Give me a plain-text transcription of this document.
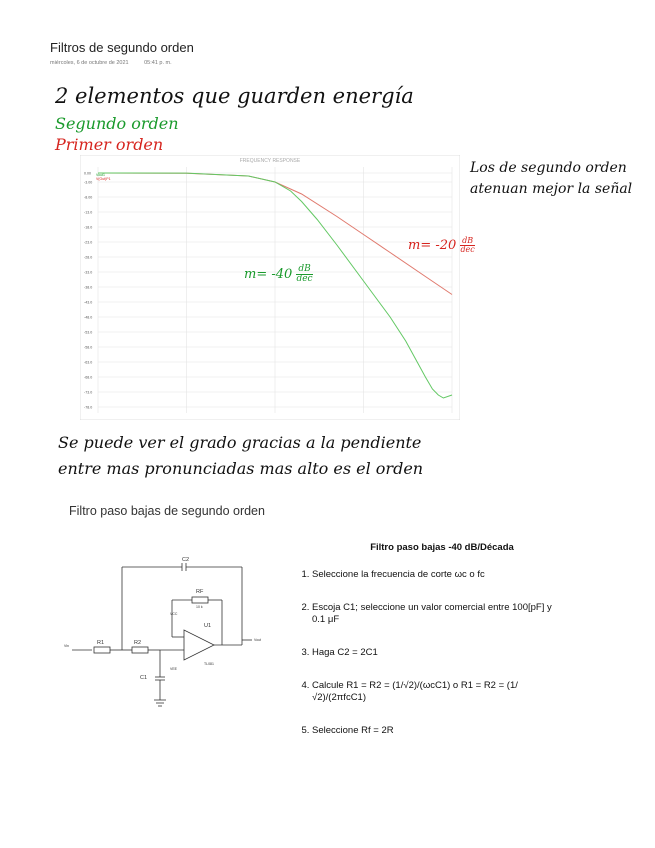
Filtros de segundo orden
miércoles, 6 de octubre de 2021	05:41 p. m.
2 elementos que guarden energía
Segundo orden
Primer orden
Los de segundo orden
atenuan mejor la señal
FREQUENCY RESPONSE
0.00
-3.00
-8.00
-13.0
-18.0
-23.0
-28.0
-33.0
-38.0
-43.0
-48.0
-53.0
-58.0
-63.0
-68.0
-73.0
-78.0
Vout1
V(Out)P1
m= -20 dB
dec
m= -40 dB
dec
Se puede ver el grado gracias a la pendiente
entre mas pronunciadas mas alto es el orden
Filtro paso bajas de segundo orden
C2
RF
10 k
U1
R1	R2
C1
VCC
VEE
Vout
Vin
TL081
Filtro paso bajas -40 dB/Década
1. Seleccione la frecuencia de corte ωc o fc
2. Escoja C1; seleccione un valor comercial entre 100[pF] y 0.1 μF
3. Haga C2 = 2C1
4. Calcule R1 = R2 = (1/√2)/(ωcC1) o R1 = R2 = (1/√2)/(2πfcC1)
5. Seleccione Rf = 2R
